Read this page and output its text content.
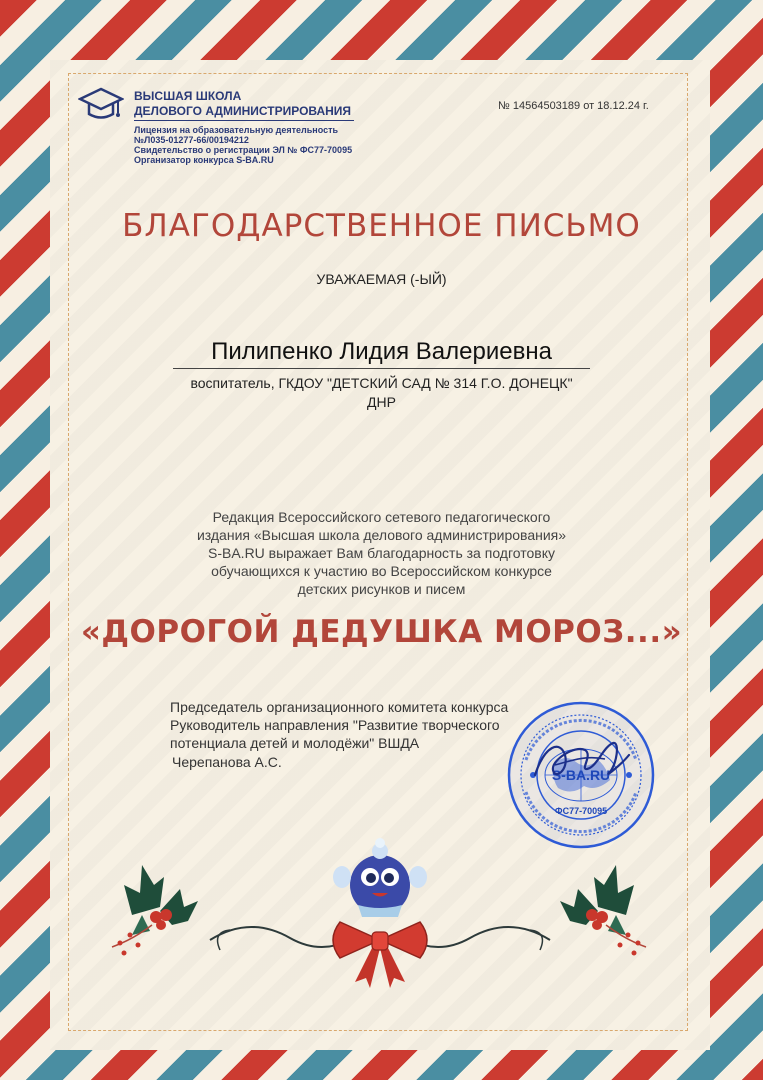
ВЫСШАЯ ШКОЛА
ДЕЛОВОГО АДМИНИСТРИРОВАНИЯ
Лицензия на образовательную деятельность
№Л035-01277-66/00194212
Свидетельство о регистрации ЭЛ № ФС77-70095
Организатор конкурса S-BA.RU
№ 14564503189 от 18.12.24 г.
БЛАГОДАРСТВЕННОЕ ПИСЬМО
УВАЖАЕМАЯ (-ЫЙ)
Пилипенко Лидия Валериевна
воспитатель, ГКДОУ "ДЕТСКИЙ САД № 314 Г.О. ДОНЕЦК"
ДНР
Редакция Всероссийского сетевого педагогического
издания «Высшая школа делового администрирования»
S-BA.RU выражает Вам благодарность за подготовку
обучающихся к участию во Всероссийском конкурсе
детских рисунков и писем
«ДОРОГОЙ ДЕДУШКА МОРОЗ...»
Председатель организационного комитета конкурса
Руководитель направления "Развитие творческого
потенциала детей и молодёжи" ВШДА
Черепанова А.С.
S-BA.RU
ФС77-70095
